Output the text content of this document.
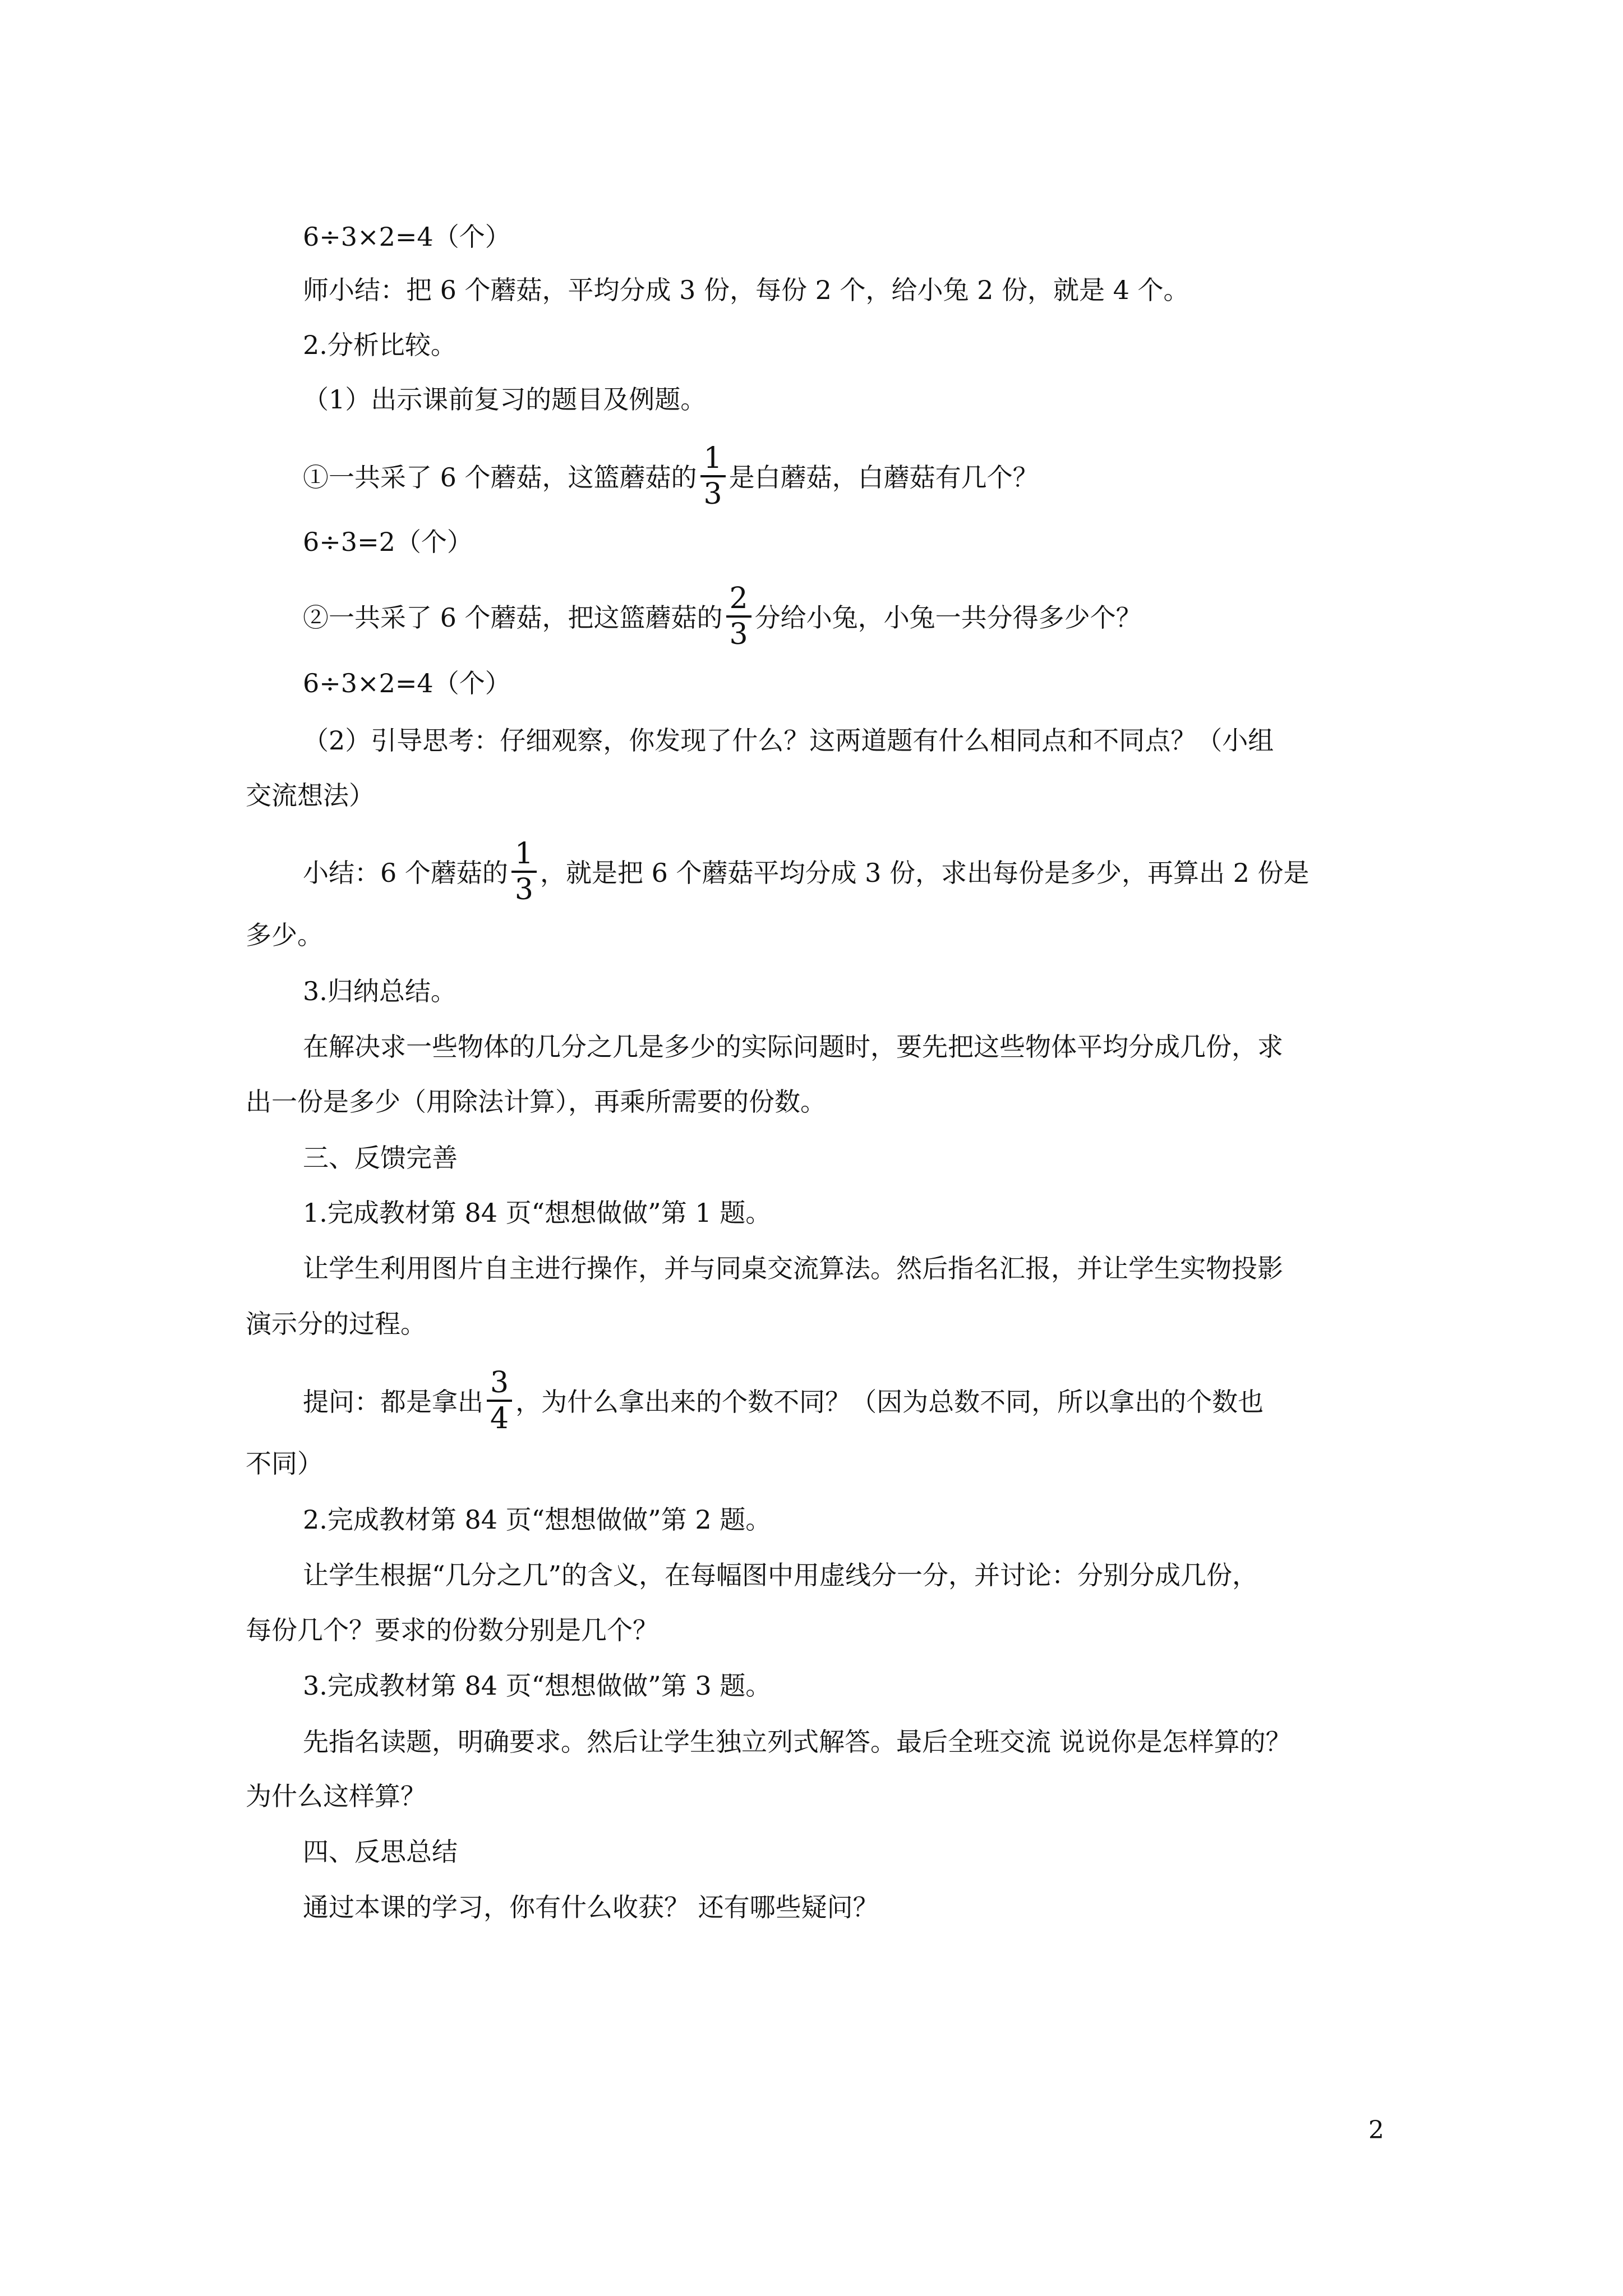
6÷3×2=4（个）
师小结：把 6 个蘑菇，平均分成 3 份，每份 2 个，给小兔 2 份，就是 4 个。
2.分析比较。
（1）出示课前复习的题目及例题。
①一共采了 6 个蘑菇，这篮蘑菇的 $\frac{1}{3}$ 是白蘑菇，白蘑菇有几个？
6÷3=2（个）
②一共采了 6 个蘑菇，把这篮蘑菇的 $\frac{2}{3}$ 分给小兔，小兔一共分得多少个？
6÷3×2=4（个）
（2）引导思考：仔细观察，你发现了什么？这两道题有什么相同点和不同点？（小组
交流想法）
小结：6 个蘑菇的 $\frac{1}{3}$ ，就是把 6 个蘑菇平均分成 3 份，求出每份是多少，再算出 2 份是
多少。
3.归纳总结。
在解决求一些物体的几分之几是多少的实际问题时，要先把这些物体平均分成几份，求
出一份是多少（用除法计算），再乘所需要的份数。
三、反馈完善
1.完成教材第 84 页“想想做做”第 1 题。
让学生利用图片自主进行操作，并与同桌交流算法。然后指名汇报，并让学生实物投影
演示分的过程。
提问：都是拿出 $\frac{3}{4}$ ，为什么拿出来的个数不同？（因为总数不同，所以拿出的个数也
不同）
2.完成教材第 84 页“想想做做”第 2 题。
让学生根据“几分之几”的含义，在每幅图中用虚线分一分，并讨论：分别分成几份，
每份几个？要求的份数分别是几个？
3.完成教材第 84 页“想想做做”第 3 题。
先指名读题，明确要求。然后让学生独立列式解答。最后全班交流 说说你是怎样算的？
为什么这样算？
四、反思总结
通过本课的学习，你有什么收获？ 还有哪些疑问？
2
